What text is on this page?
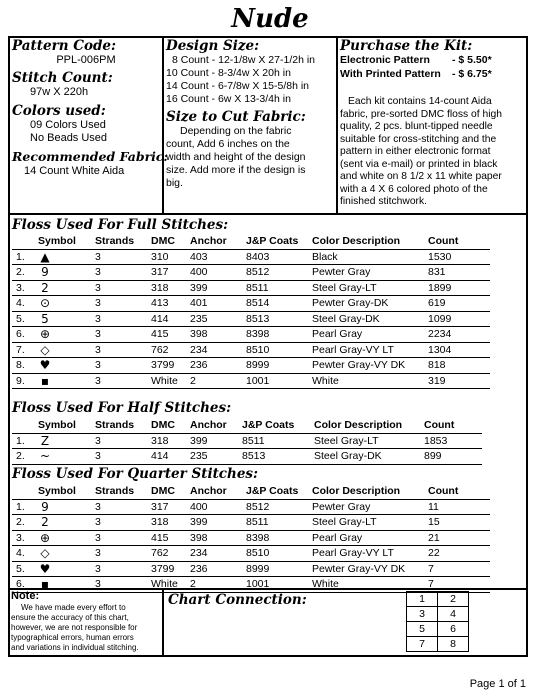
Nude
Pattern Code:
PPL-006PM
Stitch Count:
97w X 220h
Colors used:
09 Colors Used
No Beads Used
Recommended Fabric:
14 Count White Aida
Design Size:
8 Count - 12-1/8w X 27-1/2h in
10 Count - 8-3/4w X 20h in
14 Count - 6-7/8w X 15-5/8h in
16 Count - 6w X 13-3/4h in
Size to Cut Fabric:
Depending on the fabric
count, Add 6 inches on the
width and height of the design
size. Add more if the design is
big.
Purchase the Kit:
Electronic Pattern - $ 5.50*
With Printed Pattern - $ 6.75*
Each kit contains 14-count Aida
fabric, pre-sorted DMC floss of high
quality, 2 pcs. blunt-tipped needle
suitable for cross-stitching and the
pattern in either electronic format
(sent via e-mail) or printed in black
and white on 8 1/2 x 11 white paper
with a 4 X 6 colored photo of the
finished stitchwork.
Floss Used For Full Stitches:
	Symbol	Strands	DMC	Anchor	J&P Coats	Color Description	Count
1.	▲	3	310	403	8403	Black	1530
2.	9	3	317	400	8512	Pewter Gray	831
3.	2	3	318	399	8511	Steel Gray-LT	1899
4.	⊙	3	413	401	8514	Pewter Gray-DK	619
5.	5	3	414	235	8513	Steel Gray-DK	1099
6.	⊕	3	415	398	8398	Pearl Gray	2234
7.	◇	3	762	234	8510	Pearl Gray-VY LT	1304
8.	♥	3	3799	236	8999	Pewter Gray-VY DK	818
9.	▪	3	White	2	1001	White	319
Floss Used For Half Stitches:
	Symbol	Strands	DMC	Anchor	J&P Coats	Color Description	Count
1.	Z	3	318	399	8511	Steel Gray-LT	1853
2.	~	3	414	235	8513	Steel Gray-DK	899
Floss Used For Quarter Stitches:
	Symbol	Strands	DMC	Anchor	J&P Coats	Color Description	Count
1.	9	3	317	400	8512	Pewter Gray	11
2.	2	3	318	399	8511	Steel Gray-LT	15
3.	⊕	3	415	398	8398	Pearl Gray	21
4.	◇	3	762	234	8510	Pearl Gray-VY LT	22
5.	♥	3	3799	236	8999	Pewter Gray-VY DK	7
6.	▪	3	White	2	1001	White	7
Note:
We have made every effort to
ensure the accuracy of this chart,
however, we are not responsible for
typographical errors, human errors
and variations in individual stitching.
Chart Connection:	1	2
3	4
5	6
7	8
Page 1 of 1
